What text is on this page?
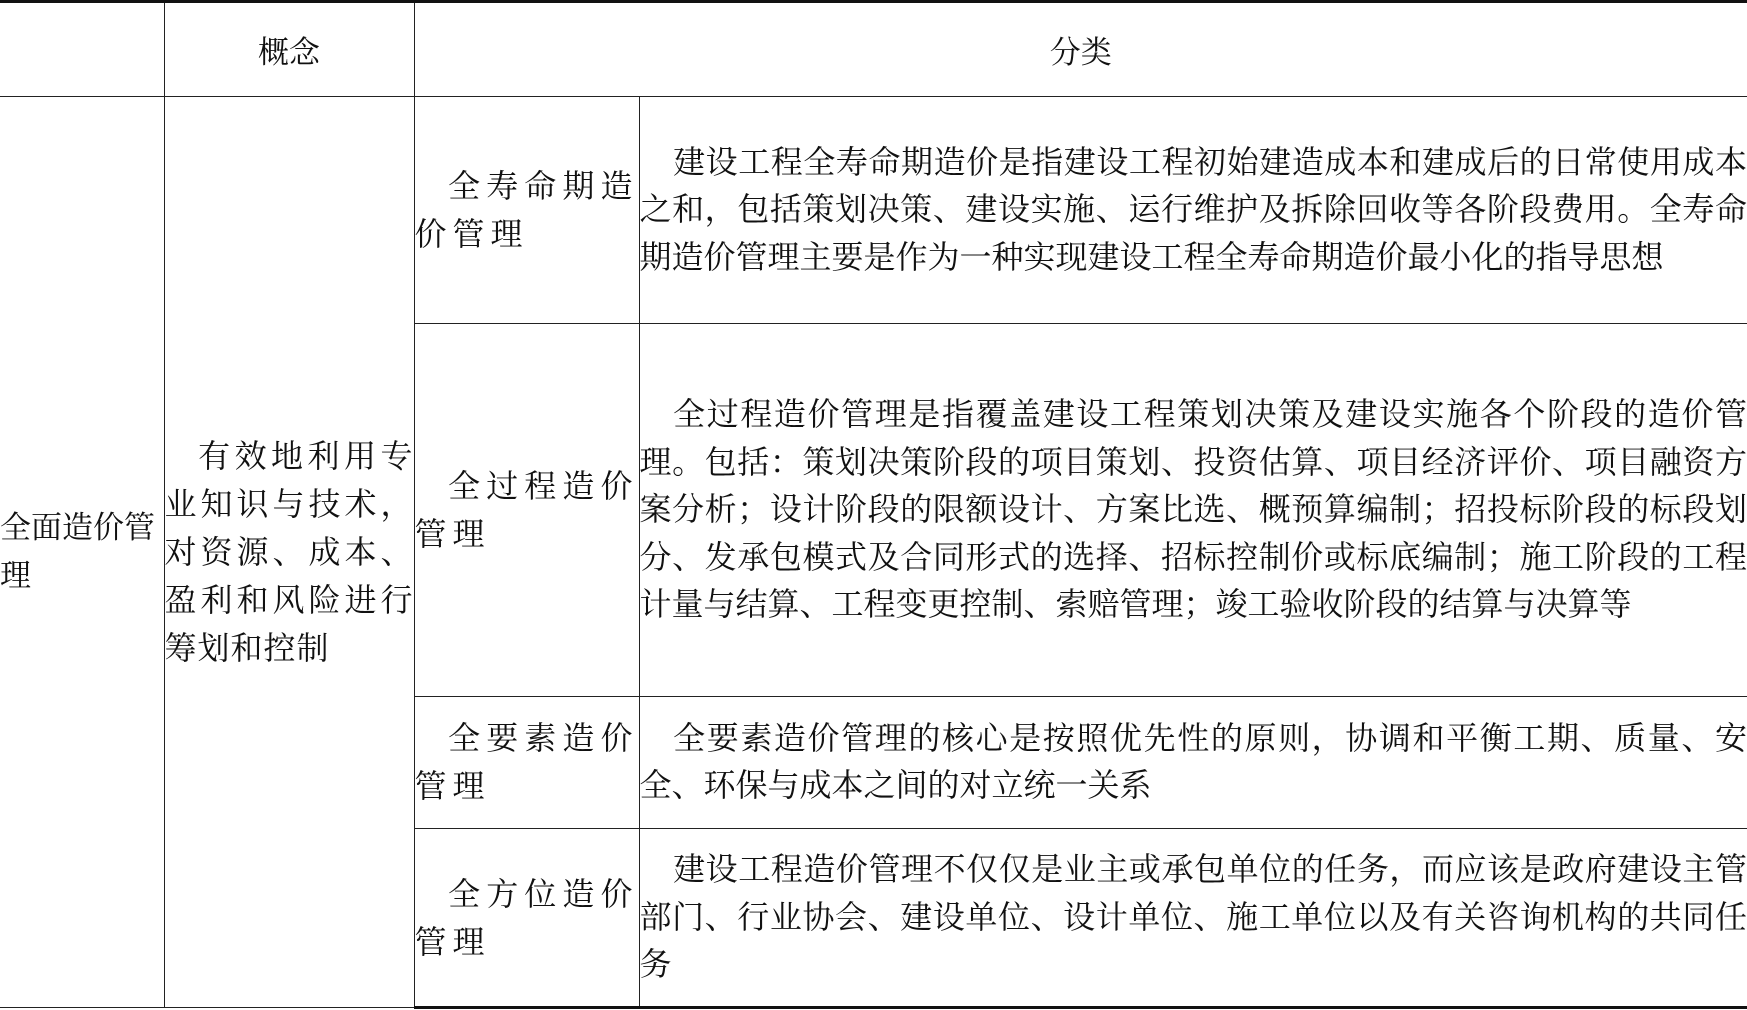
	概念	分类	
全面造价管理	有效地利用专业知识与技术，对资源、成本、盈利和风险进行筹划和控制	全寿命期造价管理	建设工程全寿命期造价是指建设工程初始建造成本和建成后的日常使用成本之和，包括策划决策、建设实施、运行维护及拆除回收等各阶段费用。全寿命期造价管理主要是作为一种实现建设工程全寿命期造价最小化的指导思想
		全过程造价管理	全过程造价管理是指覆盖建设工程策划决策及建设实施各个阶段的造价管理。包括：策划决策阶段的项目策划、投资估算、项目经济评价、项目融资方案分析；设计阶段的限额设计、方案比选、概预算编制；招投标阶段的标段划分、发承包模式及合同形式的选择、招标控制价或标底编制；施工阶段的工程计量与结算、工程变更控制、索赔管理；竣工验收阶段的结算与决算等
		全要素造价管理	全要素造价管理的核心是按照优先性的原则，协调和平衡工期、质量、安全、环保与成本之间的对立统一关系
		全方位造价管理	建设工程造价管理不仅仅是业主或承包单位的任务，而应该是政府建设主管部门、行业协会、建设单位、设计单位、施工单位以及有关咨询机构的共同任务
